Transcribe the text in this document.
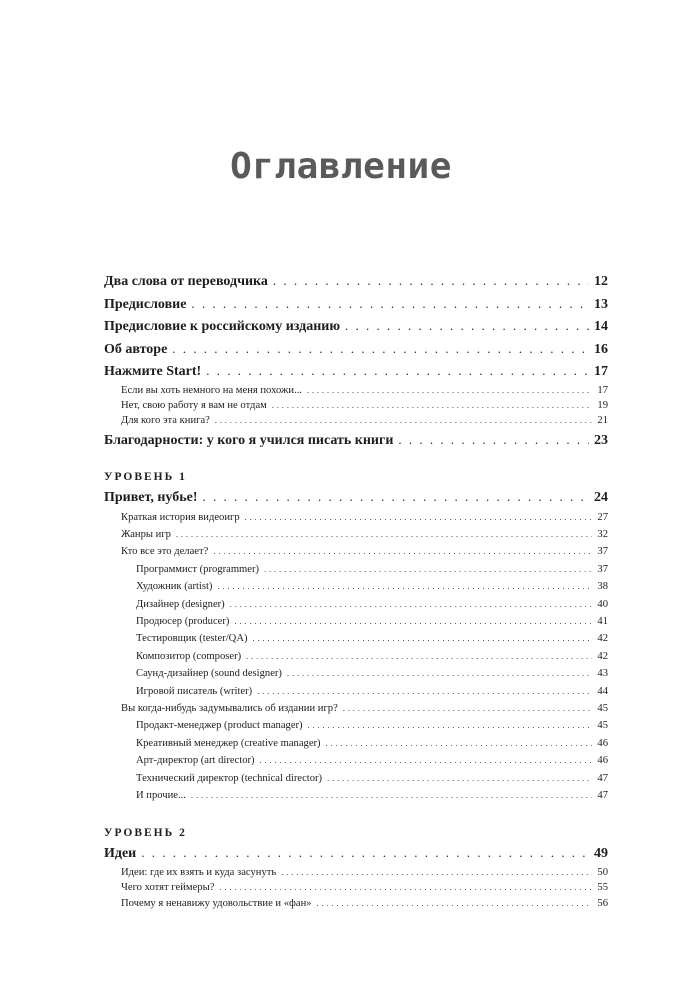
Оглавление
Два слова от переводчика . . .	12
Предисловие . . .	13
Предисловие к российскому изданию . . .	14
Об авторе . . .	16
Нажмите Start! . . .	17
Если вы хоть немного на меня похожи... . . .	17
Нет, свою работу я вам не отдам . . .	19
Для кого эта книга? . . .	21
Благодарности: у кого я учился писать книги . . .	23
УРОВЕНЬ 1
Привет, нубье! . . .	24
Краткая история видеоигр . . .	27
Жанры игр . . .	32
Кто все это делает? . . .	37
Программист (programmer) . . .	37
Художник (artist) . . .	38
Дизайнер (designer) . . .	40
Продюсер (producer) . . .	41
Тестировщик (tester/QA) . . .	42
Композитор (composer) . . .	42
Саунд-дизайнер (sound designer) . . .	43
Игровой писатель (writer) . . .	44
Вы когда-нибудь задумывались об издании игр? . . .	45
Продакт-менеджер (product manager) . . .	45
Креативный менеджер (creative manager) . . .	46
Арт-директор (art director) . . .	46
Технический директор (technical director) . . .	47
И прочие... . . .	47
УРОВЕНЬ 2
Идеи . . .	49
Идеи: где их взять и куда засунуть . . .	50
Чего хотят геймеры? . . .	55
Почему я ненавижу удовольствие и «фан» . . .	56
